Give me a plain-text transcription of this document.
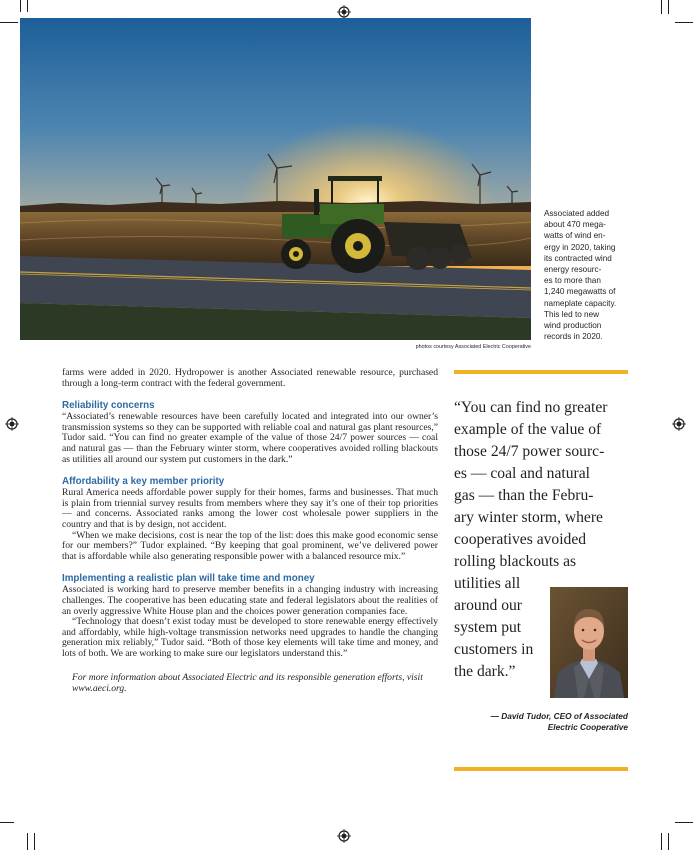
Associated added
about 470 mega-
watts of wind en-
ergy in 2020, taking
its contracted wind
energy resourc-
es to more than
1,240 megawatts of
nameplate capacity.
This led to new
wind production
records in 2020.
photos courtesy Associated Electric Cooperative

farms were added in 2020. Hydropower is another Associated renewable resource, purchased through a long-term contract with the federal government.

Reliability concerns

“Associated’s renewable resources have been carefully located and integrated into our owner’s transmission systems so they can be supported with reliable coal and natural gas plant resources,” Tudor said. “You can find no greater example of the value of those 24/7 power sources — coal and natural gas — than the February winter storm, where cooperatives avoided rolling blackouts as utilities all around our system put customers in the dark.”

Affordability a key member priority

Rural America needs affordable power supply for their homes, farms and businesses. That much is plain from triennial survey results from members where they say it’s one of their top priorities — and concerns. Associated ranks among the lower cost wholesale power suppliers in the country and that is by design, not accident.

“When we make decisions, cost is near the top of the list: does this make good economic sense for our members?” Tudor explained. “By keeping that goal prominent, we’ve delivered power that is affordable while also generating responsible power with a balanced resource mix.”

Implementing a realistic plan will take time and money

Associated is working hard to preserve member benefits in a changing industry with increasing challenges. The cooperative has been educating state and federal legislators about the realities of an overly aggressive White House plan and the choices power generation companies face.

“Technology that doesn’t exist today must be developed to store renewable energy effectively and affordably, while high-voltage transmission networks need upgrades to handle the changing generation mix reliably,” Tudor said. “Both of those key elements will take time and money, and lots of both. We are working to make sure our legislators understand this.”

For more information about Associated Electric and its responsible generation efforts, visit www.aeci.org.

“You can find no greater
example of the value of
those 24/7 power sourc-
es — coal and natural
gas — than the Febru-
ary winter storm, where
cooperatives avoided
rolling blackouts as
utilities all
around our
system put
customers in
the dark.”
— David Tudor, CEO of Associated
Electric Cooperative
